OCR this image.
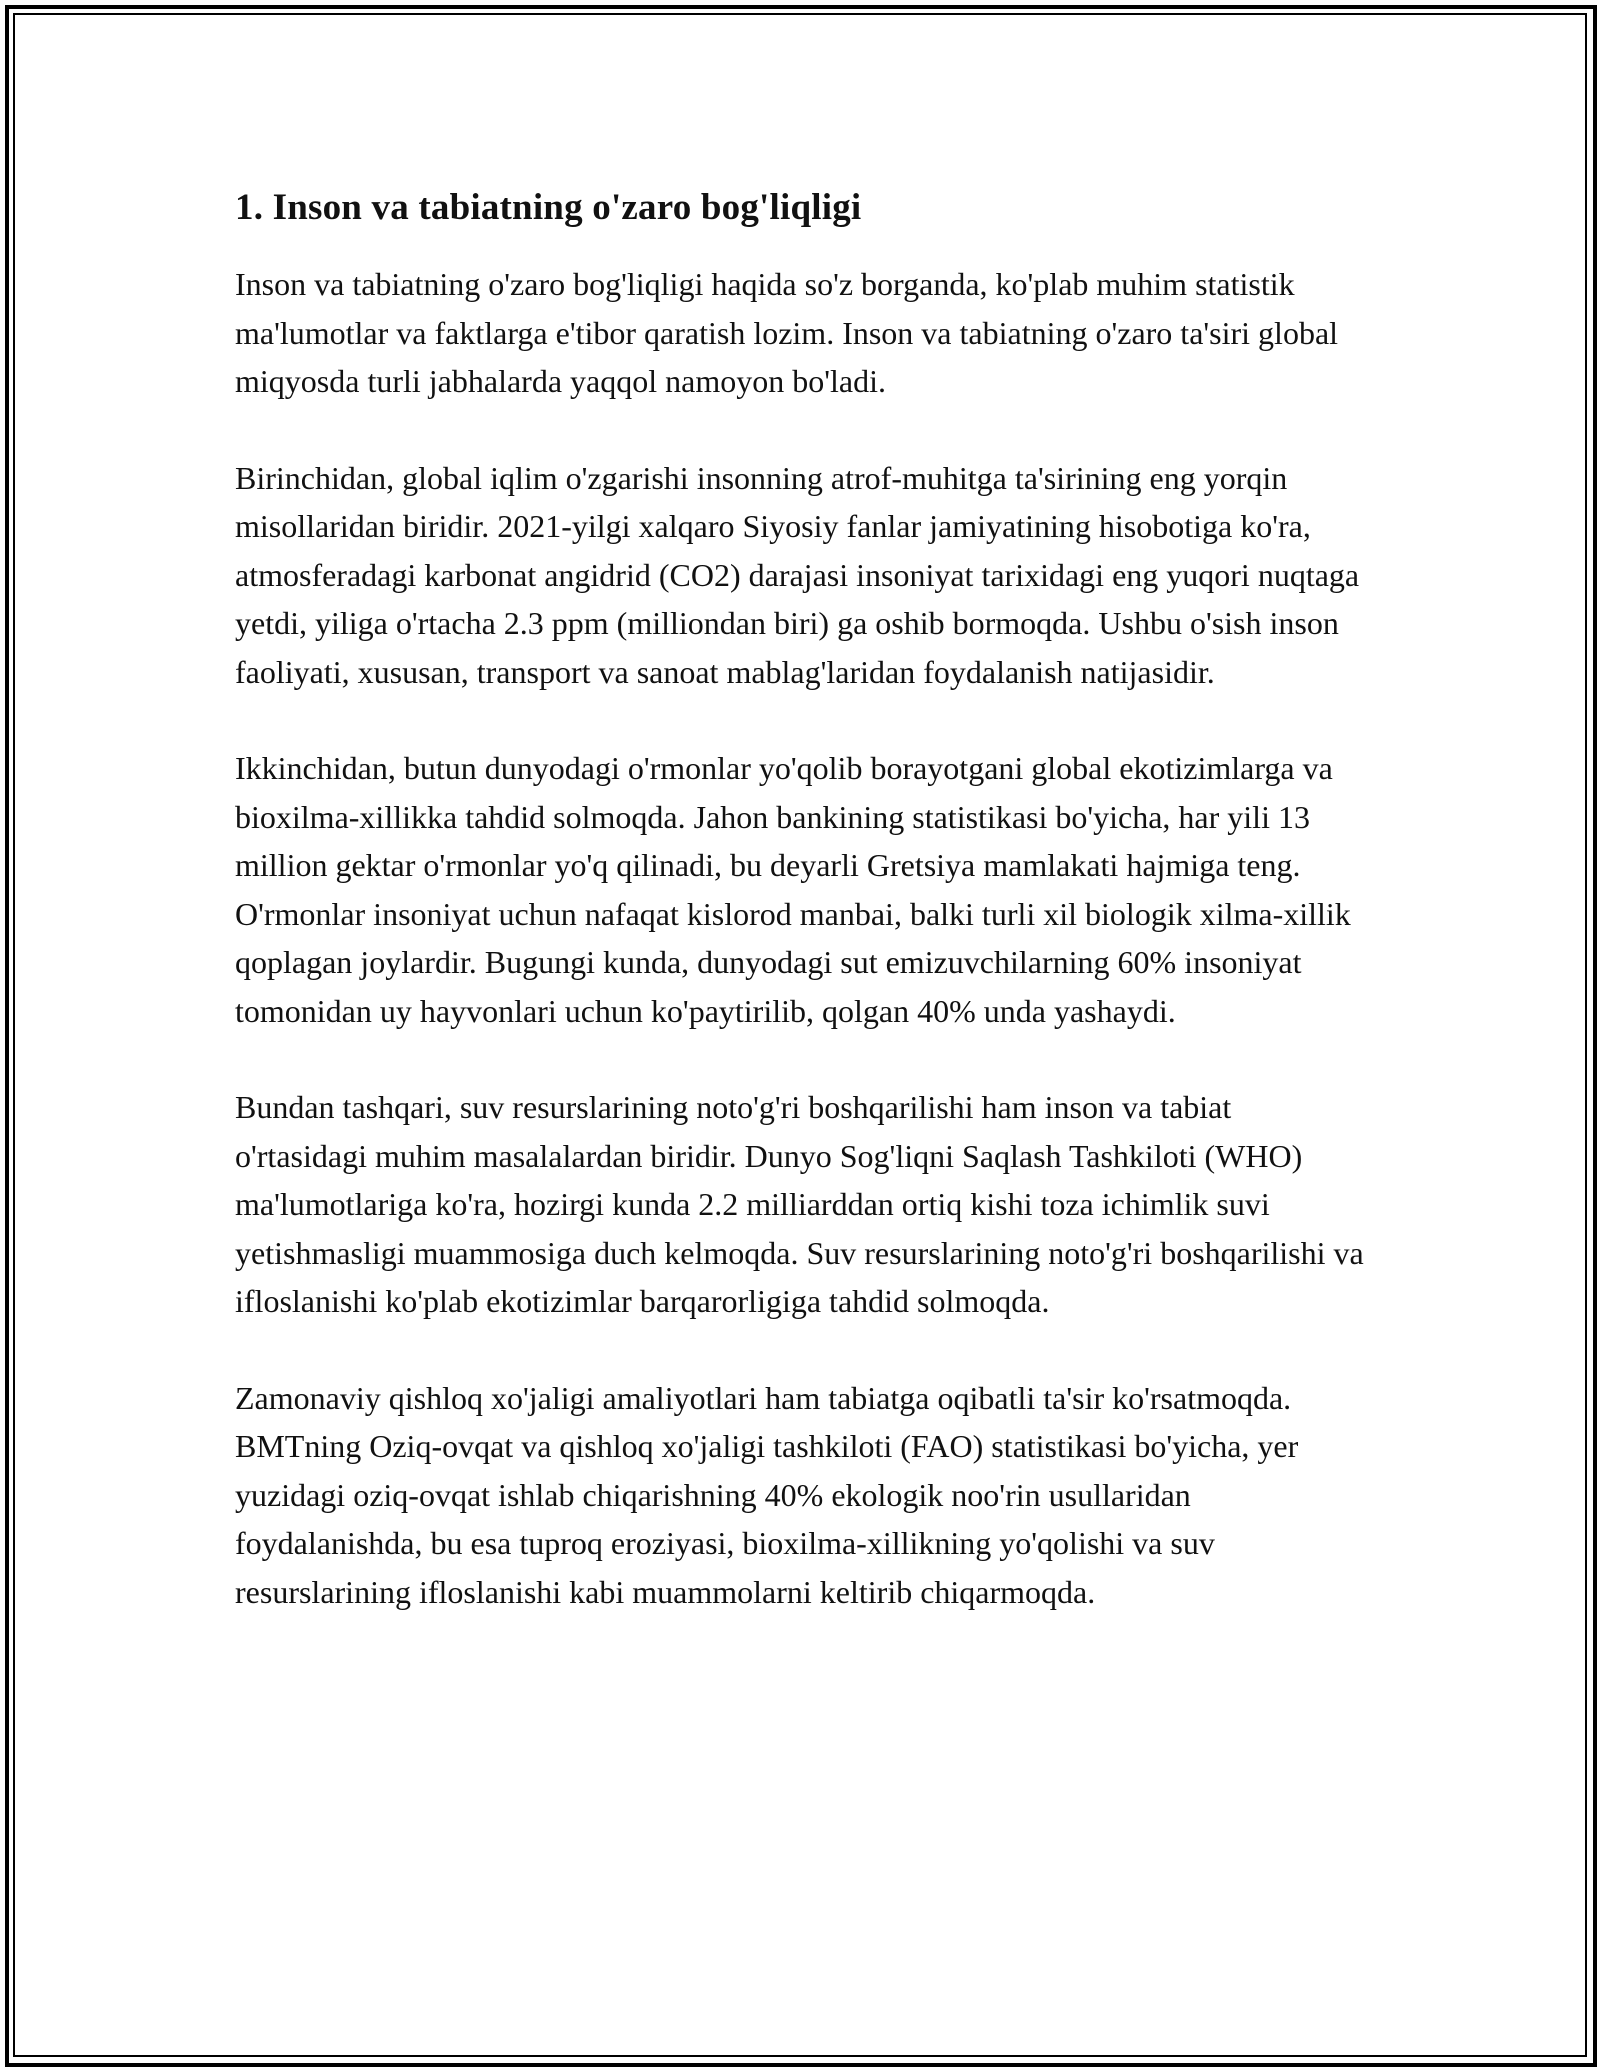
1. Inson va tabiatning o'zaro bog'liqligi

Inson va tabiatning o'zaro bog'liqligi haqida so'z borganda, ko'plab muhim statistik ma'lumotlar va faktlarga e'tibor qaratish lozim. Inson va tabiatning o'zaro ta'siri global miqyosda turli jabhalarda yaqqol namoyon bo'ladi.

Birinchidan, global iqlim o'zgarishi insonning atrof-muhitga ta'sirining eng yorqin misollaridan biridir. 2021-yilgi xalqaro Siyosiy fanlar jamiyatining hisobotiga ko'ra, atmosferadagi karbonat angidrid (CO2) darajasi insoniyat tarixidagi eng yuqori nuqtaga yetdi, yiliga o'rtacha 2.3 ppm (milliondan biri) ga oshib bormoqda. Ushbu o'sish inson faoliyati, xususan, transport va sanoat mablag'laridan foydalanish natijasidir.

Ikkinchidan, butun dunyodagi o'rmonlar yo'qolib borayotgani global ekotizimlarga va bioxilma-xillikka tahdid solmoqda. Jahon bankining statistikasi bo'yicha, har yili 13 million gektar o'rmonlar yo'q qilinadi, bu deyarli Gretsiya mamlakati hajmiga teng. O'rmonlar insoniyat uchun nafaqat kislorod manbai, balki turli xil biologik xilma-xillik qoplagan joylardir. Bugungi kunda, dunyodagi sut emizuvchilarning 60% insoniyat tomonidan uy hayvonlari uchun ko'paytirilib, qolgan 40% unda yashaydi.

Bundan tashqari, suv resurslarining noto'g'ri boshqarilishi ham inson va tabiat o'rtasidagi muhim masalalardan biridir. Dunyo Sog'liqni Saqlash Tashkiloti (WHO) ma'lumotlariga ko'ra, hozirgi kunda 2.2 milliarddan ortiq kishi toza ichimlik suvi yetishmasligi muammosiga duch kelmoqda. Suv resurslarining noto'g'ri boshqarilishi va ifloslanishi ko'plab ekotizimlar barqarorligiga tahdid solmoqda.

Zamonaviy qishloq xo'jaligi amaliyotlari ham tabiatga oqibatli ta'sir ko'rsatmoqda. BMTning Oziq-ovqat va qishloq xo'jaligi tashkiloti (FAO) statistikasi bo'yicha, yer yuzidagi oziq-ovqat ishlab chiqarishning 40% ekologik noo'rin usullaridan foydalanishda, bu esa tuproq eroziyasi, bioxilma-xillikning yo'qolishi va suv resurslarining ifloslanishi kabi muammolarni keltirib chiqarmoqda.
